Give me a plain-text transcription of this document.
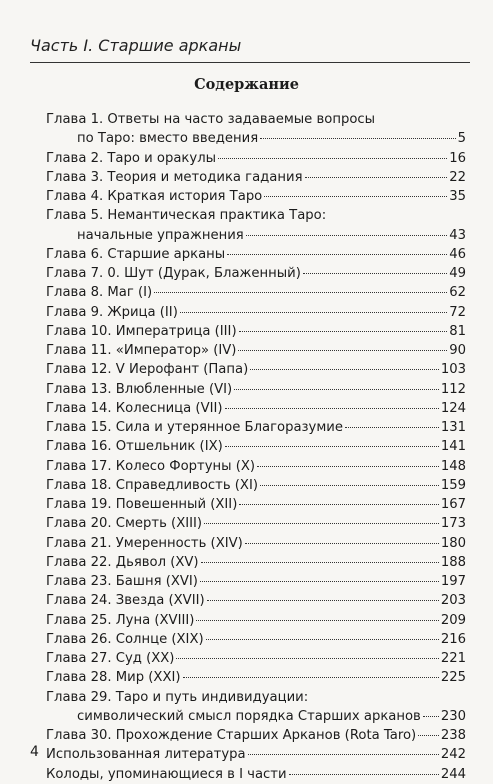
Часть I. Старшие арканы
Содержание
Глава 1. Ответы на часто задаваемые вопросы
по Таро: вместо введения	5
Глава 2. Таро и оракулы	16
Глава 3. Теория и методика гадания	22
Глава 4. Краткая история Таро	35
Глава 5. Немантическая практика Таро:
начальные упражнения	43
Глава 6. Старшие арканы	46
Глава 7. 0. Шут (Дурак, Блаженный)	49
Глава 8. Маг (I)	62
Глава 9. Жрица (II)	72
Глава 10. Императрица (III)	81
Глава 11. «Император» (IV)	90
Глава 12. V Иерофант (Папа)	103
Глава 13. Влюбленные (VI)	112
Глава 14. Колесница (VII)	124
Глава 15. Сила и утерянное Благоразумие	131
Глава 16. Отшельник (IX)	141
Глава 17. Колесо Фортуны (X)	148
Глава 18. Справедливость (XI)	159
Глава 19. Повешенный (XII)	167
Глава 20. Смерть (XIII)	173
Глава 21. Умеренность (XIV)	180
Глава 22. Дьявол (XV)	188
Глава 23. Башня (XVI)	197
Глава 24. Звезда (XVII)	203
Глава 25. Луна (XVIII)	209
Глава 26. Солнце (XIX)	216
Глава 27. Суд (XX)	221
Глава 28. Мир (XXI)	225
Глава 29. Таро и путь индивидуации:
символический смысл порядка Старших арканов 230
Глава 30. Прохождение Старших Арканов (Rota Taro) 238
Использованная литература	242
Колоды, упоминающиеся в I части	244
4
